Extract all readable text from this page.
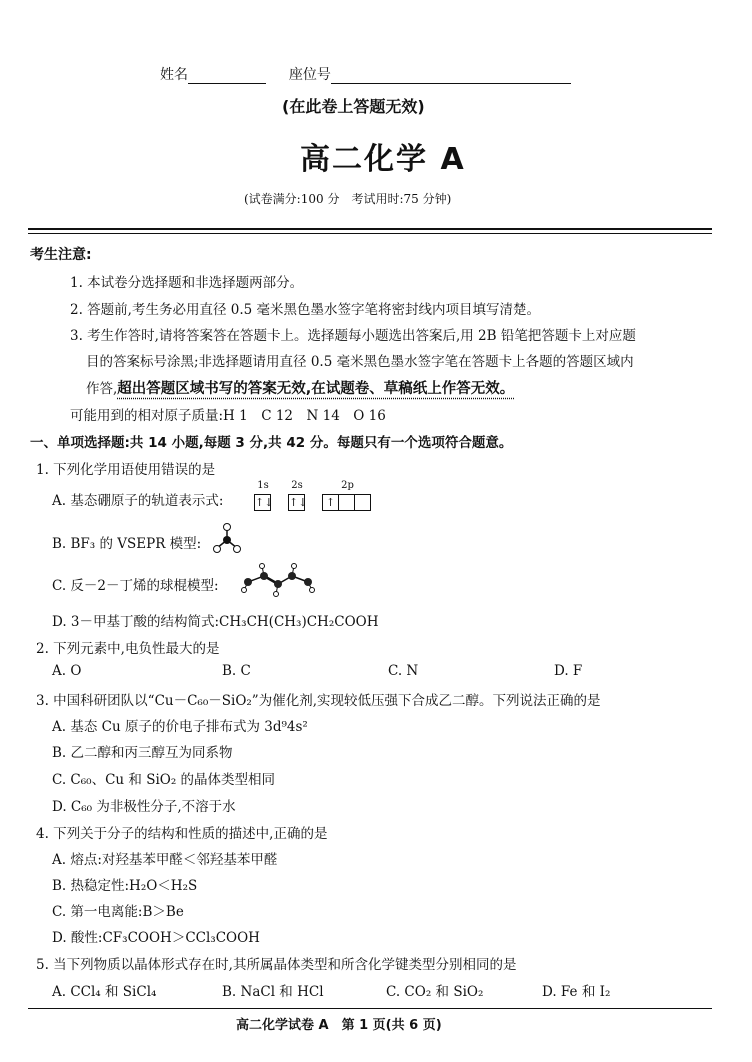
姓名	座位号
(在此卷上答题无效)
高二化学 A
(试卷满分:100 分　考试用时:75 分钟)
考生注意:
1. 本试卷分选择题和非选择题两部分。
2. 答题前,考生务必用直径 0.5 毫米黑色墨水签字笔将密封线内项目填写清楚。
3. 考生作答时,请将答案答在答题卡上。选择题每小题选出答案后,用 2B 铅笔把答题卡上对应题
目的答案标号涂黑;非选择题请用直径 0.5 毫米黑色墨水签字笔在答题卡上各题的答题区域内
作答,超出答题区域书写的答案无效,在试题卷、草稿纸上作答无效。
可能用到的相对原子质量:H 1　C 12　N 14　O 16
一、单项选择题:共 14 小题,每题 3 分,共 42 分。每题只有一个选项符合题意。
1. 下列化学用语使用错误的是
A. 基态硼原子的轨道表示式:
1s	2s	2p
↑↓ ↑↓	↑
B. BF₃ 的 VSEPR 模型:
C. 反－2－丁烯的球棍模型:
D. 3－甲基丁酸的结构简式:CH₃CH(CH₃)CH₂COOH
2. 下列元素中,电负性最大的是
A. O	B. C	C. N	D. F
3. 中国科研团队以“Cu－C₆₀－SiO₂”为催化剂,实现较低压强下合成乙二醇。下列说法正确的是
A. 基态 Cu 原子的价电子排布式为 3d⁹4s²
B. 乙二醇和丙三醇互为同系物
C. C₆₀、Cu 和 SiO₂ 的晶体类型相同
D. C₆₀ 为非极性分子,不溶于水
4. 下列关于分子的结构和性质的描述中,正确的是
A. 熔点:对羟基苯甲醛＜邻羟基苯甲醛
B. 热稳定性:H₂O＜H₂S
C. 第一电离能:B＞Be
D. 酸性:CF₃COOH＞CCl₃COOH
5. 当下列物质以晶体形式存在时,其所属晶体类型和所含化学键类型分别相同的是
A. CCl₄ 和 SiCl₄	B. NaCl 和 HCl	C. CO₂ 和 SiO₂	D. Fe 和 I₂
高二化学试卷 A　第 1 页(共 6 页)
